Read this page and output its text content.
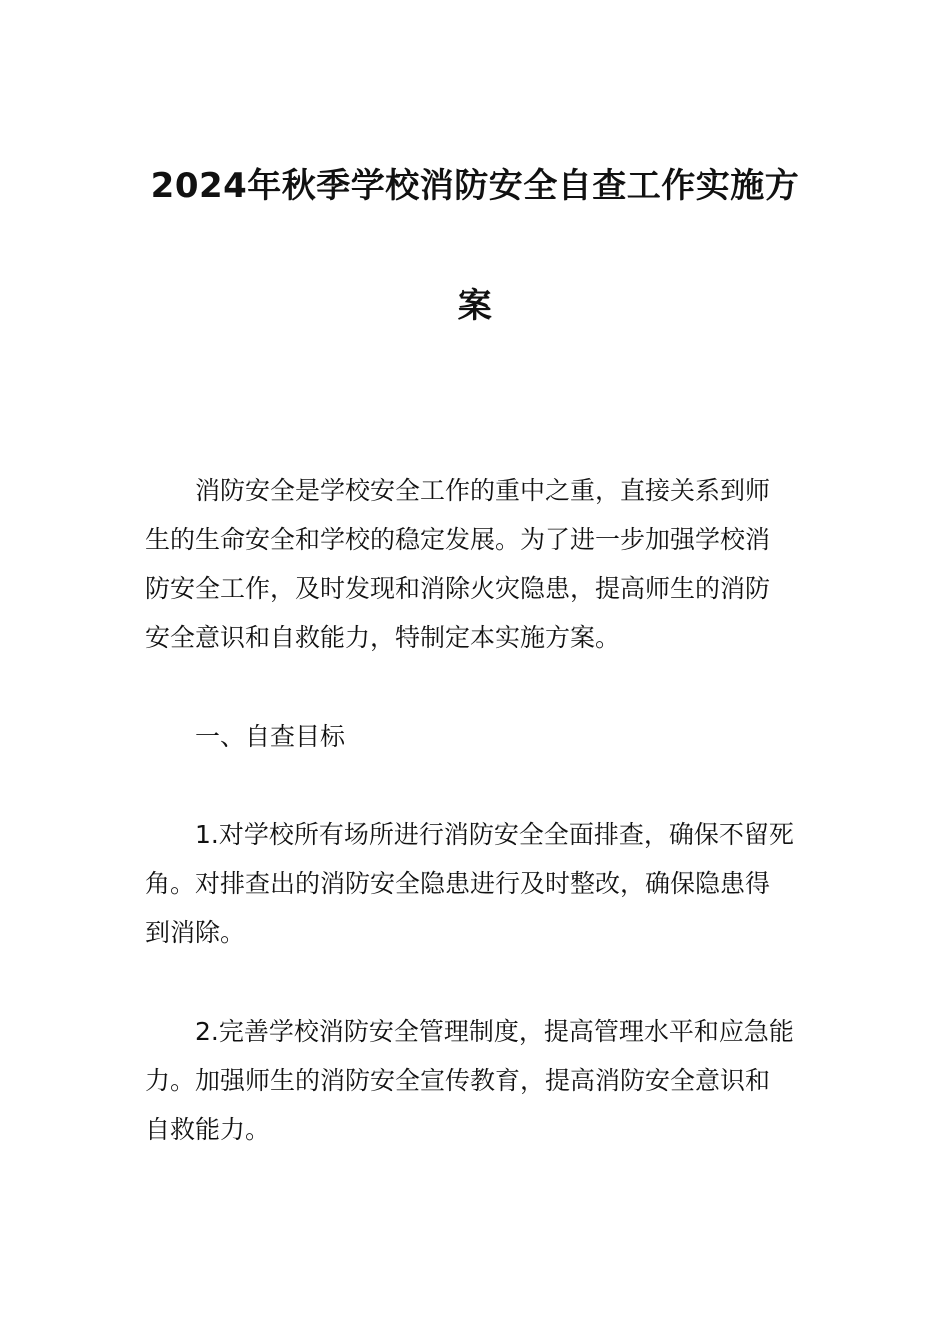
2024年秋季学校消防安全自查工作实施方
案
消防安全是学校安全工作的重中之重，直接关系到师
生的生命安全和学校的稳定发展。为了进一步加强学校消
防安全工作，及时发现和消除火灾隐患，提高师生的消防
安全意识和自救能力，特制定本实施方案。
一、自查目标
1.对学校所有场所进行消防安全全面排查，确保不留死
角。对排查出的消防安全隐患进行及时整改，确保隐患得
到消除。
2.完善学校消防安全管理制度，提高管理水平和应急能
力。加强师生的消防安全宣传教育，提高消防安全意识和
自救能力。
